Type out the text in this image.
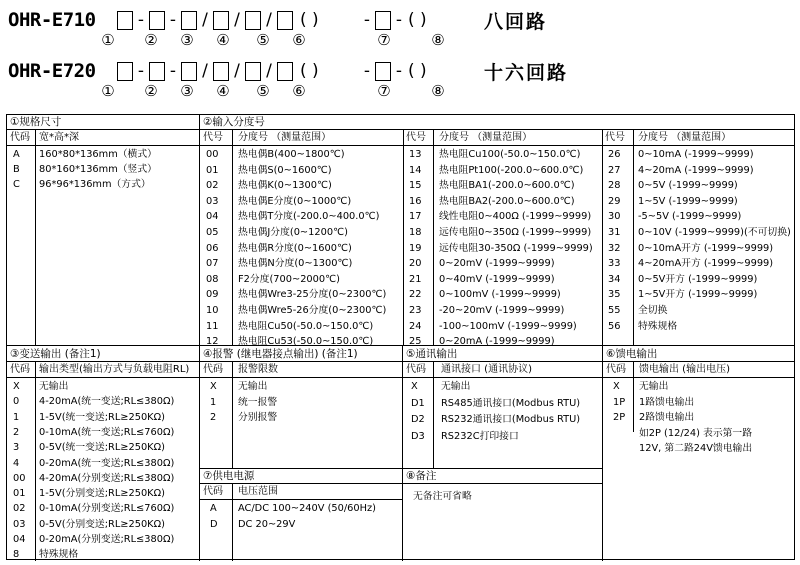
OHR-E710	- - / / /	( )	- - ( )	八回路
① ② ③ ④ ⑤ ⑥	⑦	⑧
OHR-E720	- - / / /	( )	- - ( )	十六回路
① ② ③ ④ ⑤ ⑥	⑦	⑧
①规格尺寸
代码 宽*高*深
A 160*80*136mm（横式）
B 80*160*136mm（竖式）
C 96*96*136mm（方式）
②输入分度号
代号 分度号 （测量范围）
00 热电偶B(400~1800℃)
01 热电偶S(0~1600℃)
02 热电偶K(0~1300℃)
03 热电偶E分度(0~1000℃)
04 热电偶T分度(-200.0~400.0℃)
05 热电偶J分度(0~1200℃)
06 热电偶R分度(0~1600℃)
07 热电偶N分度(0~1300℃)
08 F2分度(700~2000℃)
09 热电偶Wre3-25分度(0~2300℃)
10 热电偶Wre5-26分度(0~2300℃)
11 热电阻Cu50(-50.0~150.0℃)
12 热电阻Cu53(-50.0~150.0℃)
代号 分度号 （测量范围）
13 热电阻Cu100(-50.0~150.0℃)
14 热电阻Pt100(-200.0~600.0℃)
15 热电阻BA1(-200.0~600.0℃)
16 热电阻BA2(-200.0~600.0℃)
17 线性电阻0~400Ω (-1999~9999)
18 远传电阻0~350Ω (-1999~9999)
19 远传电阻30-350Ω (-1999~9999)
20 0~20mV (-1999~9999)
21 0~40mV (-1999~9999)
22 0~100mV (-1999~9999)
23 -20~20mV (-1999~9999)
24 -100~100mV (-1999~9999)
25 0~20mA (-1999~9999)
代号 分度号 （测量范围）
26 0~10mA (-1999~9999)
27 4~20mA (-1999~9999)
28 0~5V (-1999~9999)
29 1~5V (-1999~9999)
30 -5~5V (-1999~9999)
31 0~10V (-1999~9999)(不可切换)
32 0~10mA开方 (-1999~9999)
33 4~20mA开方 (-1999~9999)
34 0~5V开方 (-1999~9999)
35 1~5V开方 (-1999~9999)
55 全切换
56 特殊规格
③变送输出 (备注1)
代码 输出类型(输出方式与负载电阻RL)
X 无输出
0 4-20mA(统一变送;RL≤380Ω)
1 1-5V(统一变送;RL≥250KΩ)
2 0-10mA(统一变送;RL≤760Ω)
3 0-5V(统一变送;RL≥250KΩ)
4 0-20mA(统一变送;RL≤380Ω)
00 4-20mA(分别变送;RL≤380Ω)
01 1-5V(分别变送;RL≥250KΩ)
02 0-10mA(分别变送;RL≤760Ω)
03 0-5V(分别变送;RL≥250KΩ)
04 0-20mA(分别变送;RL≤380Ω)
8 特殊规格
④报警 (继电器接点输出) (备注1)
代码 报警限数
X 无输出
1 统一报警
2 分别报警
⑤通讯输出
代码 通讯接口 (通讯协议)
X 无输出
D1 RS485通讯接口(Modbus RTU)
D2 RS232通讯接口(Modbus RTU)
D3 RS232C打印接口
⑥馈电输出
代码 馈电输出 (输出电压)
X 无输出
1P 1路馈电输出
2P 2路馈电输出
如2P (12/24) 表示第一路
12V, 第二路24V馈电输出
⑦供电电源
代码 电压范围
A AC/DC 100~240V (50/60Hz)
D DC 20~29V
⑧备注
无备注可省略
